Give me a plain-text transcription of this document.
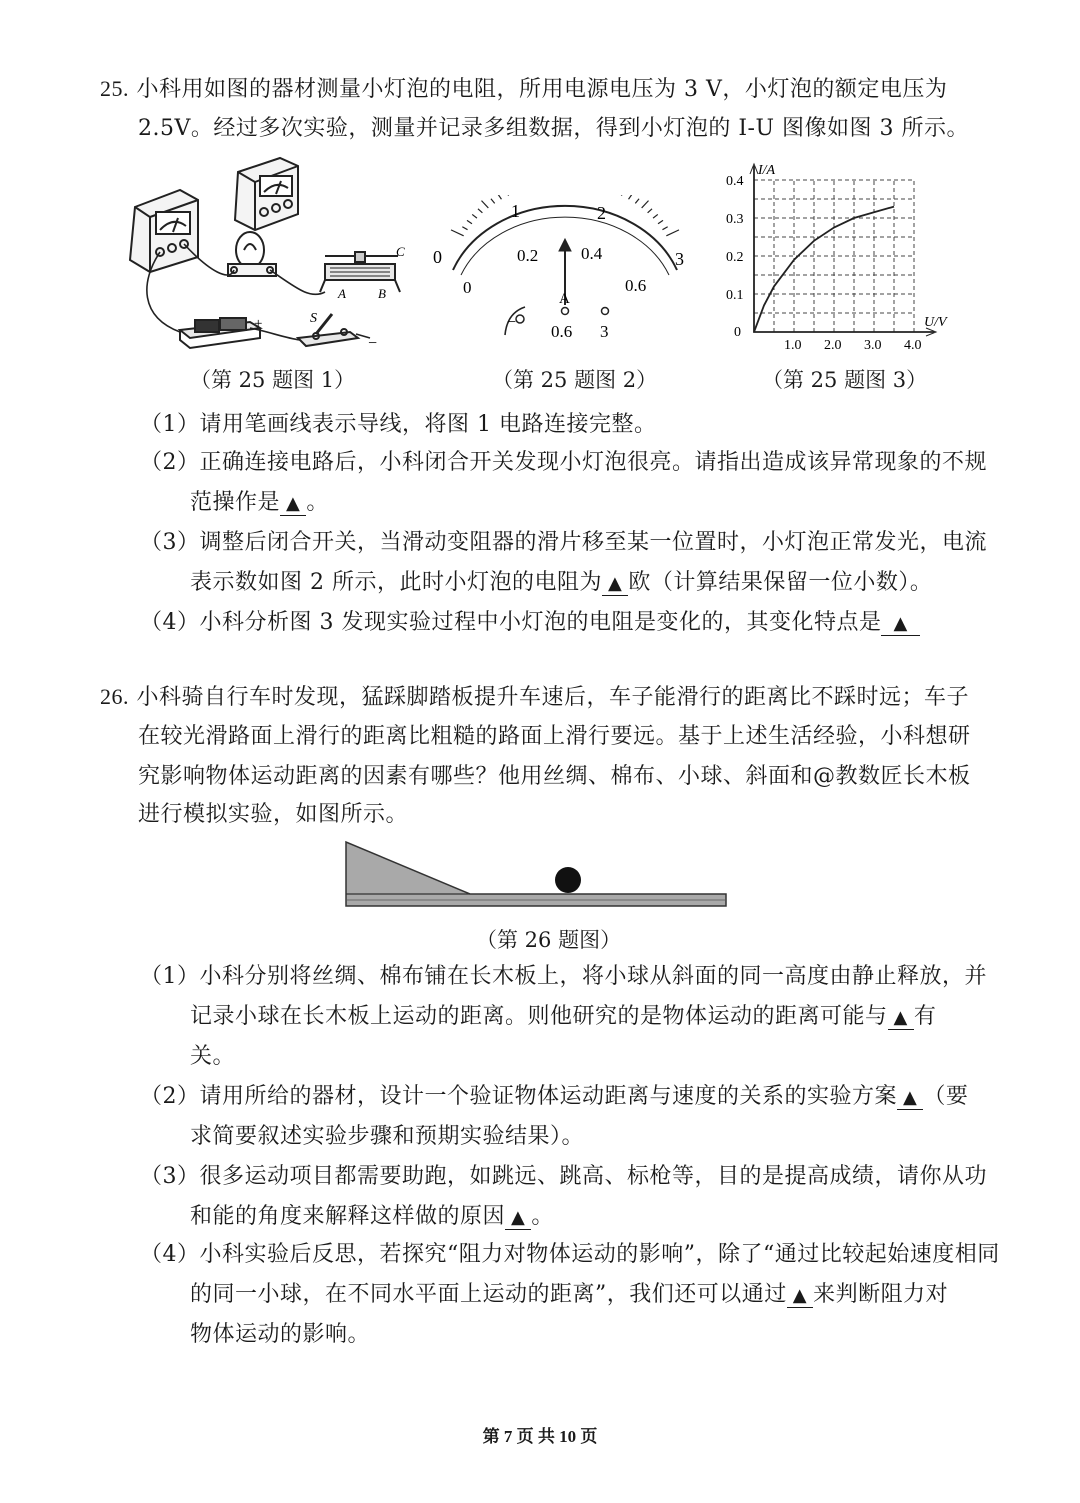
25. 小科用如图的器材测量小灯泡的电阻，所用电源电压为 3 V，小灯泡的额定电压为
2.5V。经过多次实验，测量并记录多组数据，得到小灯泡的 I-U 图像如图 3 所示。
C
A B
+	S
−
（第 25 题图 1）
0
1	2
3
0
0.2	0.4
0.6
A
− 0.6 3
（第 25 题图 2）
1.0 2.0 3.0 4.0
0.1
0.2
0.3
0.4
0
I/A
U/V
（第 25 题图 3）
（1）请用笔画线表示导线，将图 1 电路连接完整。
（2）正确连接电路后，小科闭合开关发现小灯泡很亮。请指出造成该异常现象的不规
范操作是 ▲ 。
（3）调整后闭合开关，当滑动变阻器的滑片移至某一位置时，小灯泡正常发光，电流
表示数如图 2 所示，此时小灯泡的电阻为 ▲ 欧（计算结果保留一位小数）。
（4）小科分析图 3 发现实验过程中小灯泡的电阻是变化的，其变化特点是 ▲
26. 小科骑自行车时发现，猛踩脚踏板提升车速后，车子能滑行的距离比不踩时远；车子
在较光滑路面上滑行的距离比粗糙的路面上滑行要远。基于上述生活经验，小科想研
究影响物体运动距离的因素有哪些？他用丝绸、棉布、小球、斜面和@教数匠长木板
进行模拟实验，如图所示。
（第 26 题图）
（1）小科分别将丝绸、棉布铺在长木板上，将小球从斜面的同一高度由静止释放，并
记录小球在长木板上运动的距离。则他研究的是物体运动的距离可能与 ▲ 有
关。
（2）请用所给的器材，设计一个验证物体运动距离与速度的关系的实验方案 ▲ （要
求简要叙述实验步骤和预期实验结果）。
（3）很多运动项目都需要助跑，如跳远、跳高、标枪等，目的是提高成绩，请你从功
和能的角度来解释这样做的原因 ▲ 。
（4）小科实验后反思，若探究“阻力对物体运动的影响”，除了“通过比较起始速度相同
的同一小球，在不同水平面上运动的距离”，我们还可以通过 ▲ 来判断阻力对
物体运动的影响。
第 7 页 共 10 页
